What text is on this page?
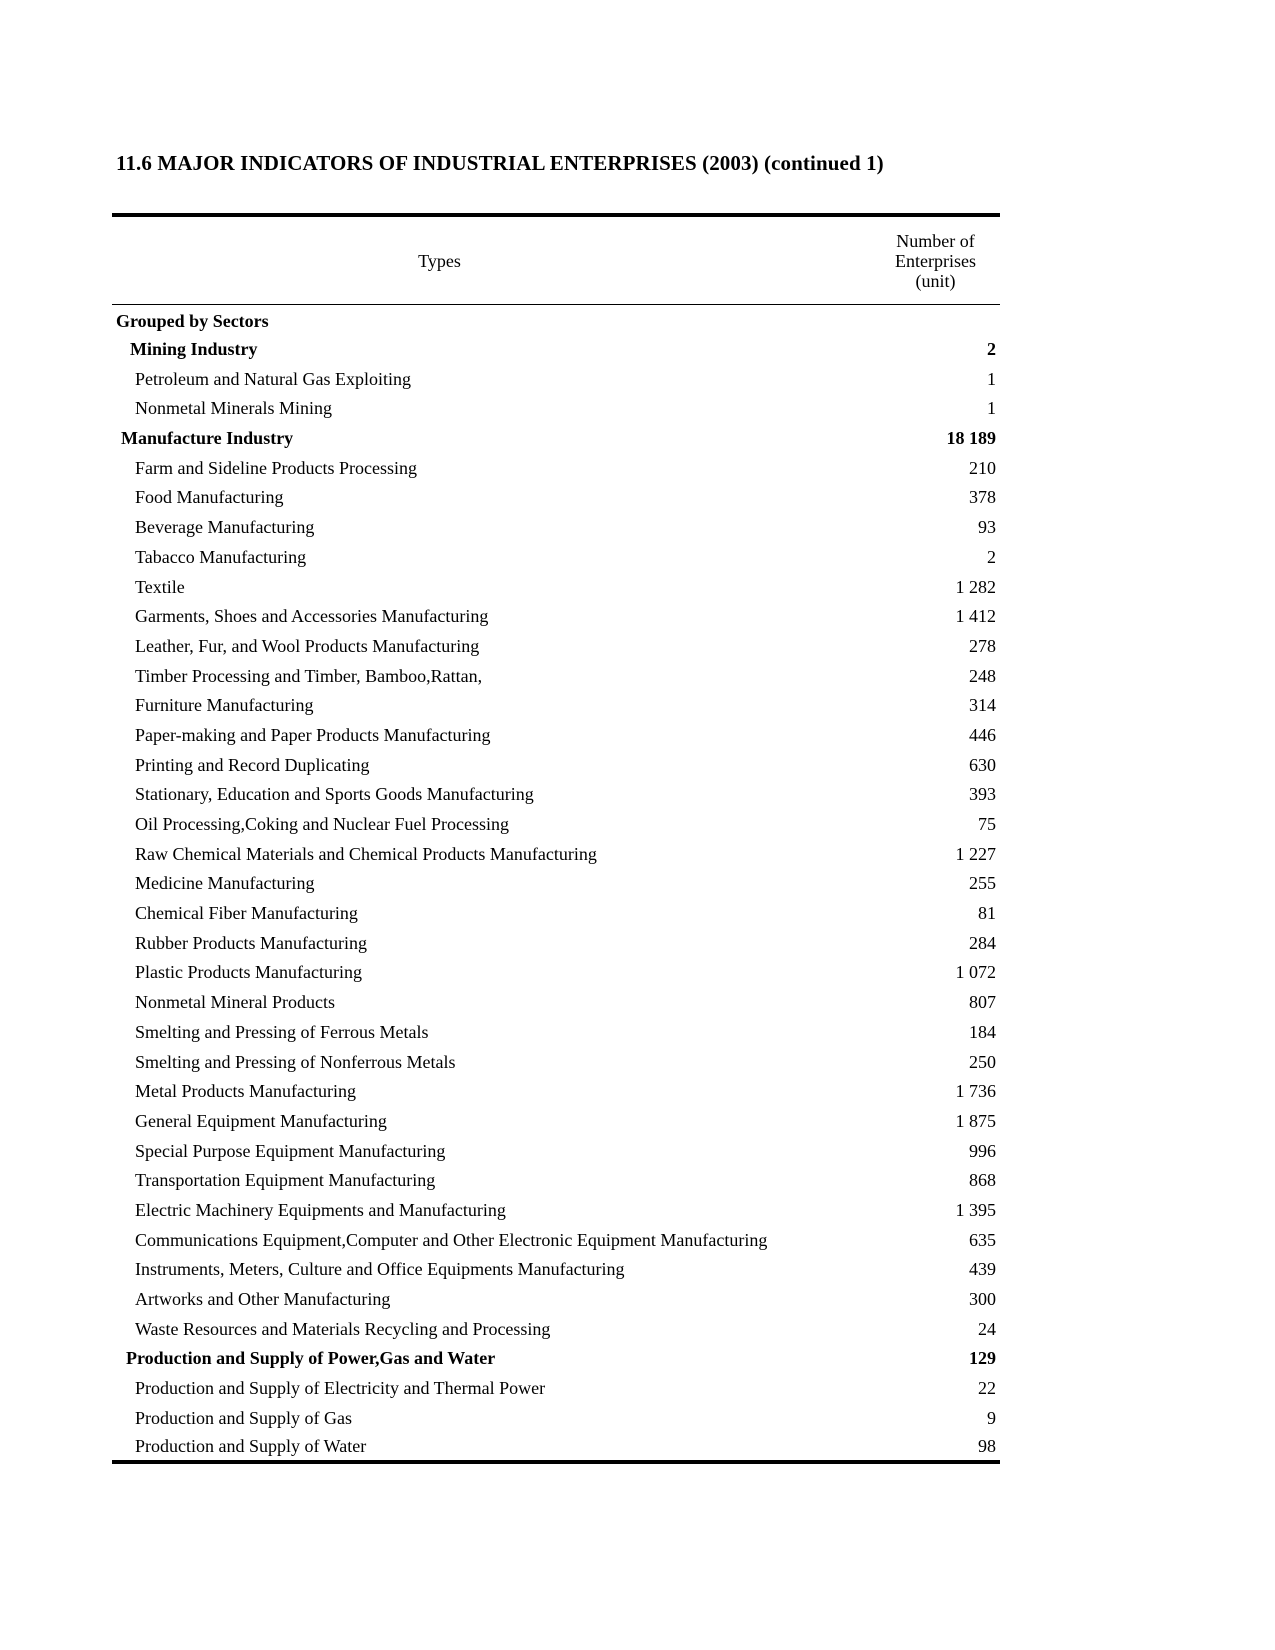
11.6 MAJOR INDICATORS OF INDUSTRIAL ENTERPRISES (2003) (continued 1)
Types	Number of
Enterprises
(unit)

Grouped by Sectors	
Mining Industry	2
Petroleum and Natural Gas Exploiting	1
Nonmetal Minerals Mining	1
Manufacture Industry	18 189
Farm and Sideline Products Processing	210
Food Manufacturing	378
Beverage Manufacturing	93
Tabacco Manufacturing	2
Textile	1 282
Garments, Shoes and Accessories Manufacturing	1 412
Leather, Fur, and Wool Products Manufacturing	278
Timber Processing and Timber, Bamboo,Rattan,	248
Furniture Manufacturing	314
Paper-making and Paper Products Manufacturing	446
Printing and Record Duplicating	630
Stationary, Education and Sports Goods Manufacturing	393
Oil Processing,Coking and Nuclear Fuel Processing	75
Raw Chemical Materials and Chemical Products Manufacturing	1 227
Medicine Manufacturing	255
Chemical Fiber Manufacturing	81
Rubber Products Manufacturing	284
Plastic Products Manufacturing	1 072
Nonmetal Mineral Products	807
Smelting and Pressing of Ferrous Metals	184
Smelting and Pressing of Nonferrous Metals	250
Metal Products Manufacturing	1 736
General Equipment Manufacturing	1 875
Special Purpose Equipment Manufacturing	996
Transportation Equipment Manufacturing	868
Electric Machinery Equipments and Manufacturing	1 395
Communications Equipment,Computer and Other Electronic Equipment Manufacturing	635
Instruments, Meters, Culture and Office Equipments Manufacturing	439
Artworks and Other Manufacturing	300
Waste Resources and Materials Recycling and Processing	24
Production and Supply of Power,Gas and Water	129
Production and Supply of Electricity and Thermal Power	22
Production and Supply of Gas	9
Production and Supply of Water	98
